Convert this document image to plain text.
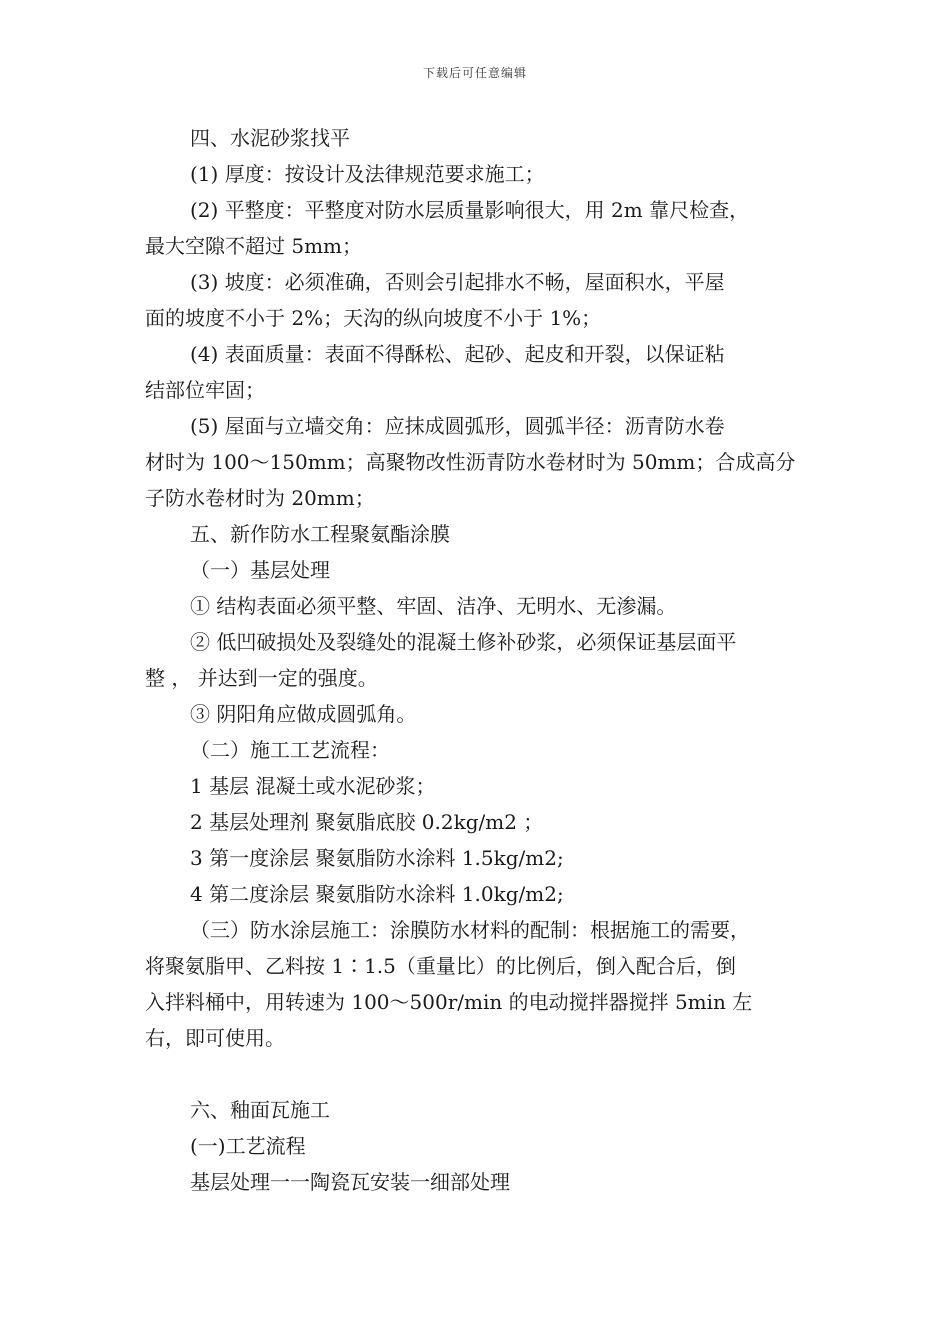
下载后可任意编辑
四、水泥砂浆找平
(1) 厚度：按设计及法律规范要求施工；
(2) 平整度：平整度对防水层质量影响很大，用 2m 靠尺检查，
最大空隙不超过 5mm；
(3) 坡度：必须准确，否则会引起排水不畅，屋面积水，平屋
面的坡度不小于 2%；天沟的纵向坡度不小于 1%；
(4) 表面质量：表面不得酥松、起砂、起皮和开裂，以保证粘
结部位牢固；
(5) 屋面与立墙交角：应抹成圆弧形，圆弧半径：沥青防水卷
材时为 100～150mm；高聚物改性沥青防水卷材时为 50mm；合成高分
子防水卷材时为 20mm；
五、新作防水工程聚氨酯涂膜
（一）基层处理
① 结构表面必须平整、牢固、洁净、无明水、无渗漏。
② 低凹破损处及裂缝处的混凝土修补砂浆，必须保证基层面平
整 ， 并达到一定的强度。
③ 阴阳角应做成圆弧角。
（二）施工工艺流程：
1 基层 混凝土或水泥砂浆；
2 基层处理剂 聚氨脂底胶 0.2kg/m2 ；
3 第一度涂层 聚氨脂防水涂料 1.5kg/m2;
4 第二度涂层 聚氨脂防水涂料 1.0kg/m2;
（三）防水涂层施工：涂膜防水材料的配制：根据施工的需要，
将聚氨脂甲、乙料按 1∶1.5（重量比）的比例后，倒入配合后，倒
入拌料桶中，用转速为 100～500r/min 的电动搅拌器搅拌 5min 左
右，即可使用。
六、釉面瓦施工
(一)工艺流程
基层处理一一陶瓷瓦安装一细部处理
